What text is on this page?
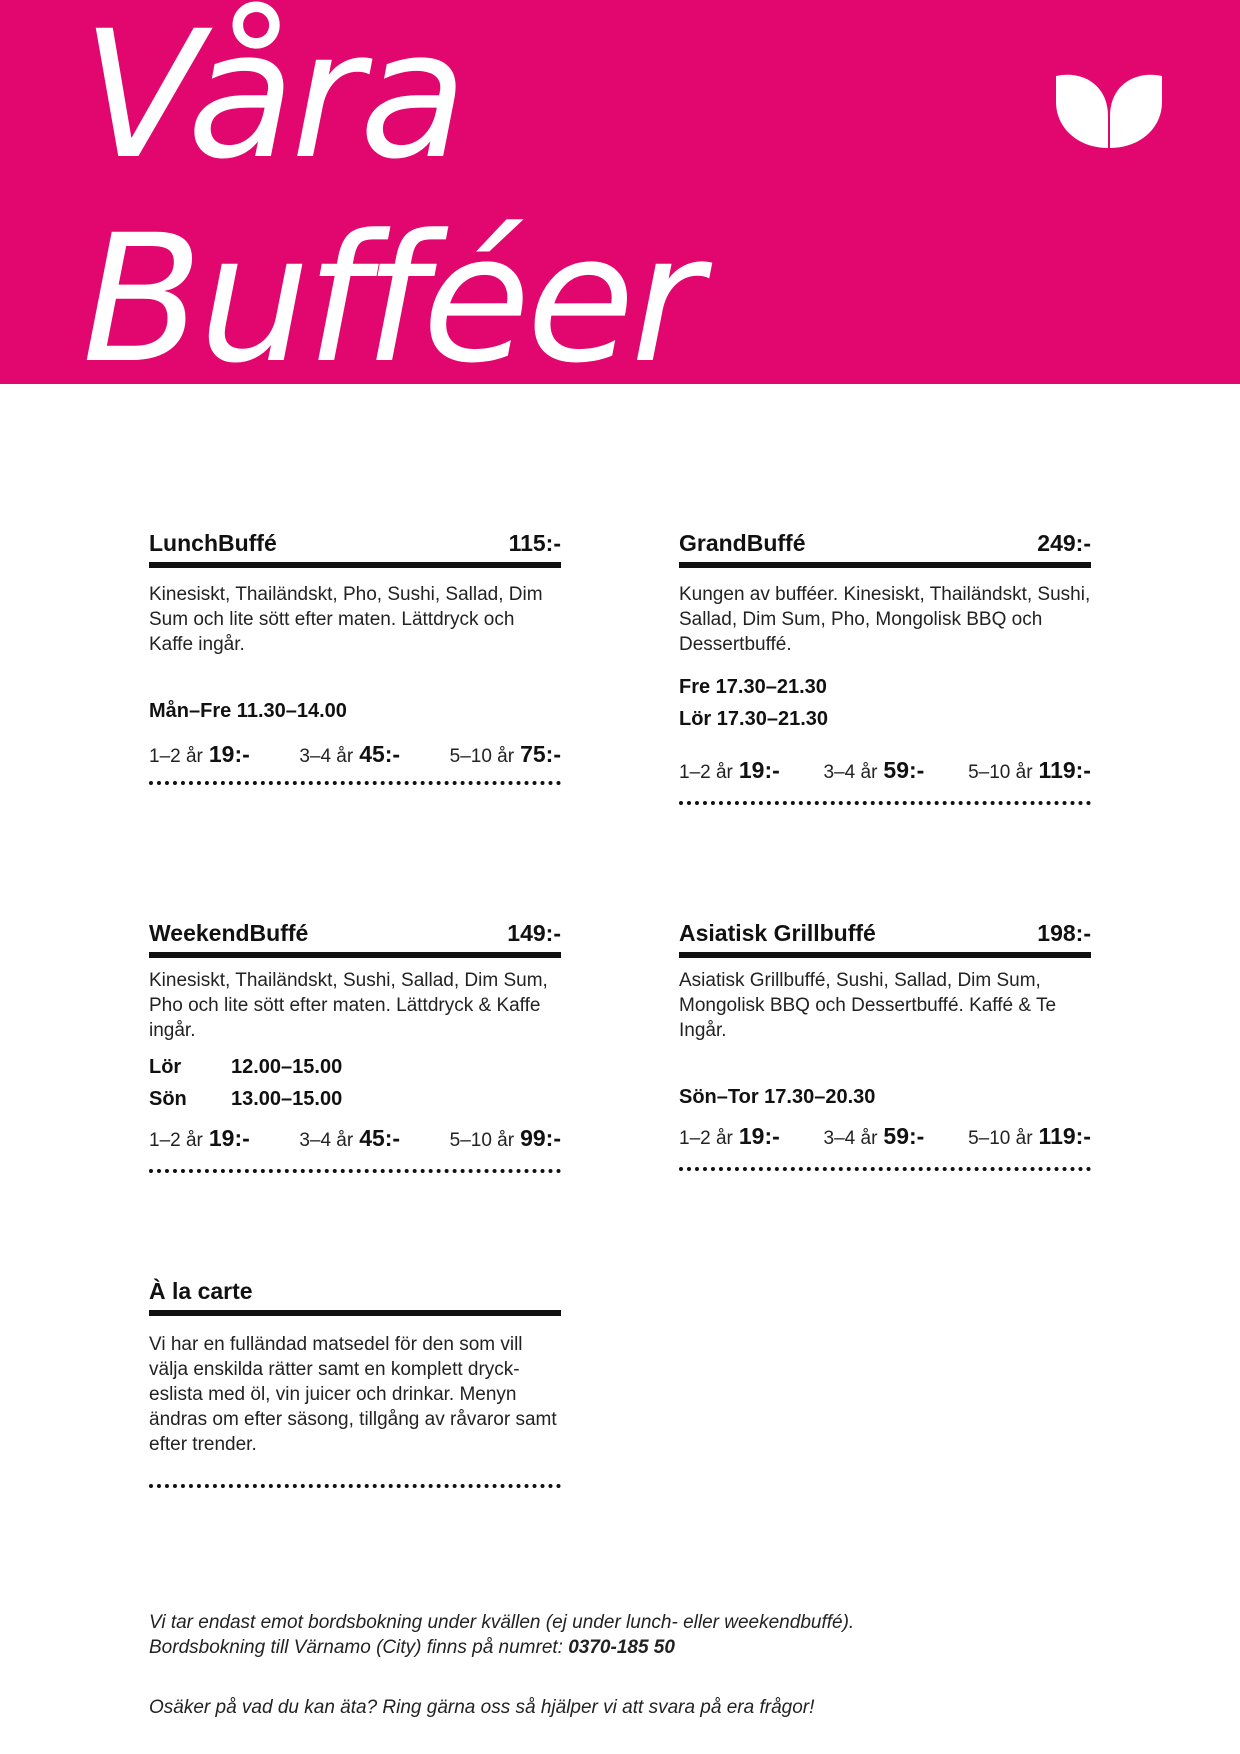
Våra
Bufféer
LunchBuffé	115:-

Kinesiskt, Thailändskt, Pho, Sushi, Sallad, Dim Sum och lite sött efter maten. Lättdryck och Kaffe ingår.

Mån–Fre 11.30–14.00

1–2 år 19:-	3–4 år 45:-	5–10 år 75:-
GrandBuffé	249:-

Kungen av bufféer. Kinesiskt, Thailändskt, Sushi, Sallad, Dim Sum, Pho, Mongolisk BBQ och Dessertbuffé.

Fre 17.30–21.30

Lör 17.30–21.30

1–2 år 19:- 3–4 år 59:- 5–10 år 119:-
WeekendBuffé	149:-

Kinesiskt, Thailändskt, Sushi, Sallad, Dim Sum, Pho och lite sött efter maten. Lättdryck & Kaffe ingår.

Lör 12.00–15.00

Sön 13.00–15.00

1–2 år 19:-	3–4 år 45:-	5–10 år 99:-
Asiatisk Grillbuffé	198:-

Asiatisk Grillbuffé, Sushi, Sallad, Dim Sum, Mongolisk BBQ och Dessertbuffé. Kaffé & Te Ingår.

Sön–Tor 17.30–20.30

1–2 år 19:- 3–4 år 59:- 5–10 år 119:-
À la carte

Vi har en fulländad matsedel för den som vill välja enskilda rätter samt en komplett dryck-eslista med öl, vin juicer och drinkar. Menyn ändras om efter säsong, tillgång av råvaror samt efter trender.

Vi tar endast emot bordsbokning under kvällen (ej under lunch- eller weekendbuffé).
Bordsbokning till Värnamo (City) finns på numret: 0370-185 50
Osäker på vad du kan äta? Ring gärna oss så hjälper vi att svara på era frågor!
